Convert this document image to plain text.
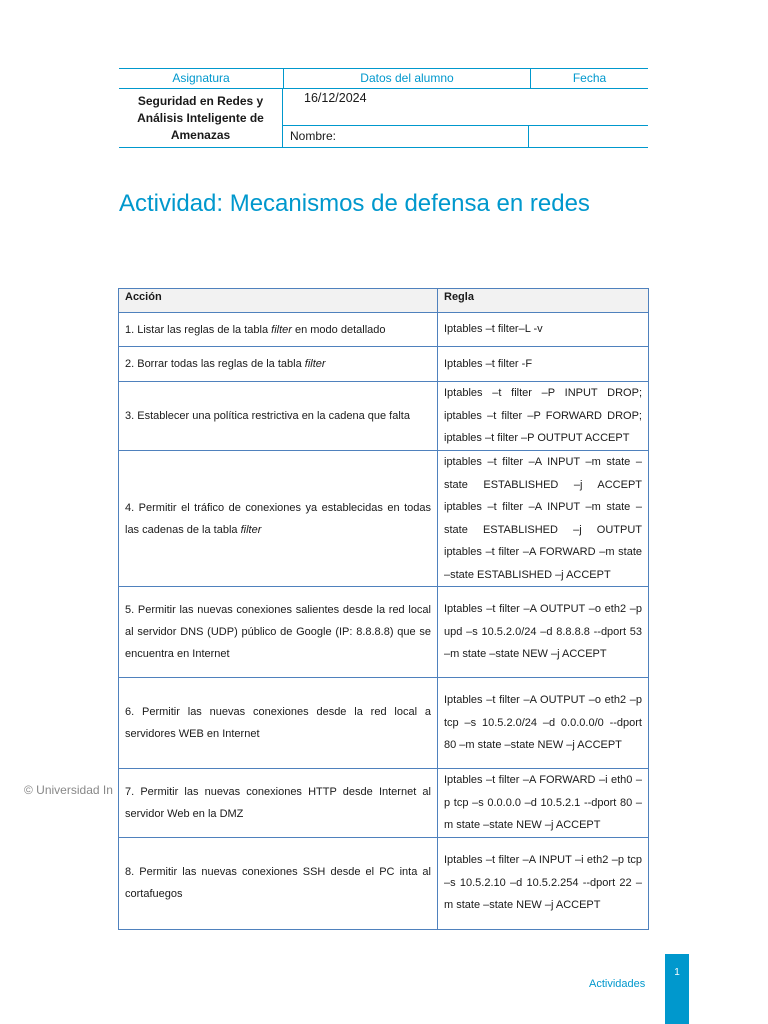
Asignatura	Datos del alumno	Fecha
Seguridad en Redes y Análisis Inteligente de Amenazas
16/12/2024
Nombre:
Actividad: Mecanismos de defensa en redes
© Universidad In
Acción	Regla
1. Listar las reglas de la tabla filter en modo detallado	Iptables –t filter–L -v
2. Borrar todas las reglas de la tabla filter	Iptables –t filter -F
3. Establecer una política restrictiva en la cadena que falta	Iptables –t filter –P INPUT DROP; iptables –t filter –P FORWARD DROP; iptables –t filter –P OUTPUT ACCEPT
4. Permitir el tráfico de conexiones ya establecidas en todas las cadenas de la tabla filter	iptables –t filter –A INPUT –m state –state ESTABLISHED –j ACCEPT iptables –t filter –A INPUT –m state –state ESTABLISHED –j OUTPUT iptables –t filter –A FORWARD –m state –state ESTABLISHED –j ACCEPT
5. Permitir las nuevas conexiones salientes desde la red local al servidor DNS (UDP) público de Google (IP: 8.8.8.8) que se encuentra en Internet	Iptables –t filter –A OUTPUT –o eth2 –p upd –s 10.5.2.0/24 –d 8.8.8.8 --dport 53 –m state –state NEW –j ACCEPT
6. Permitir las nuevas conexiones desde la red local a servidores WEB en Internet	Iptables –t filter –A OUTPUT –o eth2 –p tcp –s 10.5.2.0/24 –d 0.0.0.0/0 --dport 80 –m state –state NEW –j ACCEPT
7. Permitir las nuevas conexiones HTTP desde Internet al servidor Web en la DMZ	Iptables –t filter –A FORWARD –i eth0 –p tcp –s 0.0.0.0 –d 10.5.2.1 --dport 80 –m state –state NEW –j ACCEPT
8. Permitir las nuevas conexiones SSH desde el PC inta al cortafuegos	Iptables –t filter –A INPUT –i eth2 –p tcp –s 10.5.2.10 –d 10.5.2.254 --dport 22 –m state –state NEW –j ACCEPT
Actividades
1
